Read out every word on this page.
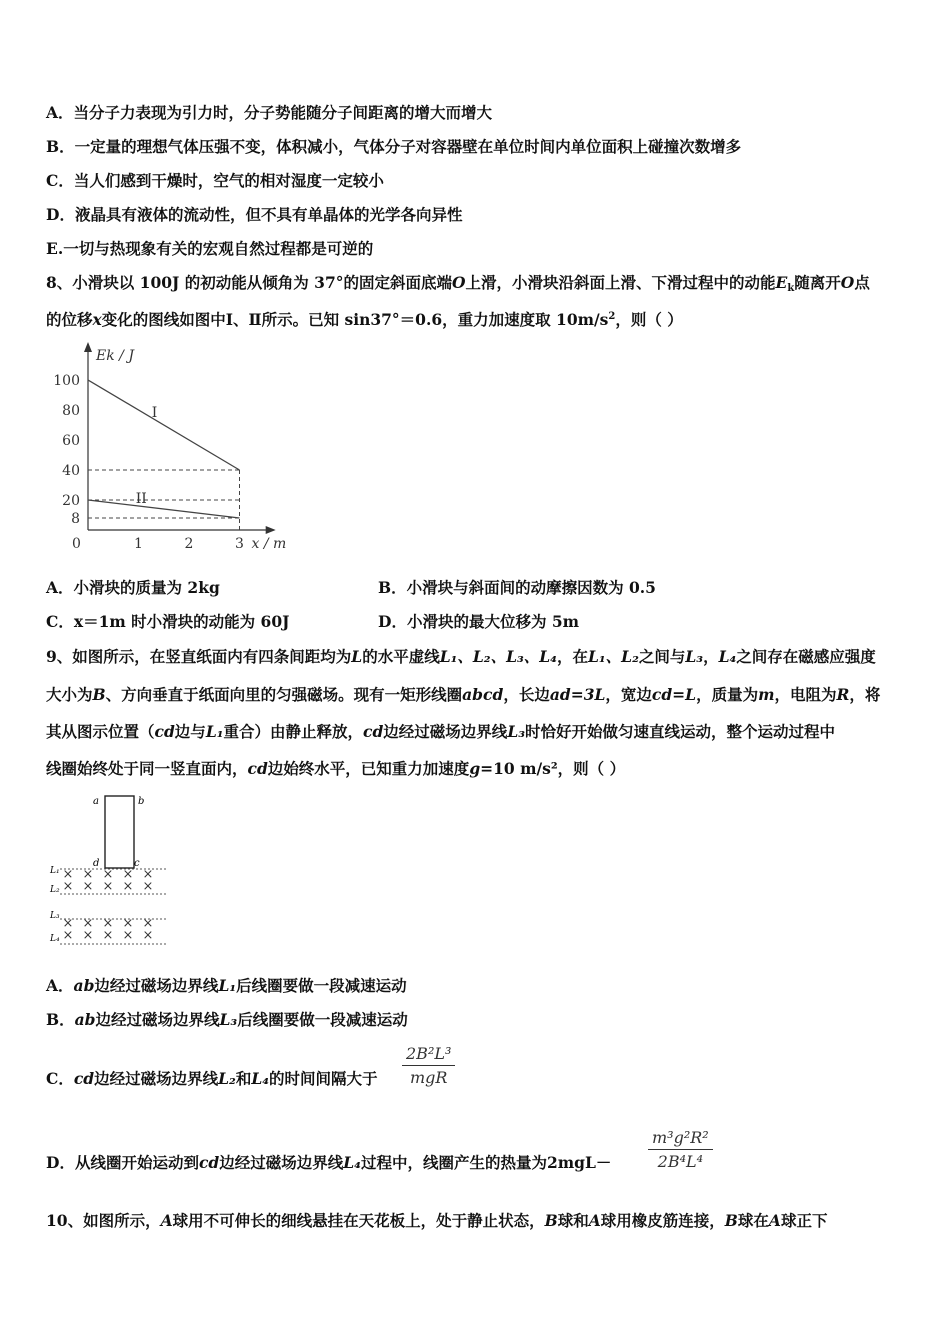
A．当分子力表现为引力时，分子势能随分子间距离的增大而增大
B．一定量的理想气体压强不变，体积减小，气体分子对容器壁在单位时间内单位面积上碰撞次数增多
C．当人们感到干燥时，空气的相对湿度一定较小
D．液晶具有液体的流动性，但不具有单晶体的光学各向异性
E.一切与热现象有关的宏观自然过程都是可逆的
8、小滑块以 100J 的初动能从倾角为 37°的固定斜面底端O上滑，小滑块沿斜面上滑、下滑过程中的动能$E_k$随离开O点
的位移x变化的图线如图中Ⅰ、Ⅱ所示。已知 sin37°＝0.6，重力加速度取 $10m/s^2$，则（ ）
Ek / J
x / m
0
100
80
60
40
20
8
1	2	3
I
II
A．小滑块的质量为 2kg	B．小滑块与斜面间的动摩擦因数为 0.5
C．x＝1m 时小滑块的动能为 60J	D．小滑块的最大位移为 5m
9、如图所示，在竖直纸面内有四条间距均为L的水平虚线L₁、L₂、L₃、L₄，在L₁、L₂之间与L₃，L₄之间存在磁感应强度
大小为B、方向垂直于纸面向里的匀强磁场。现有一矩形线圈abcd，长边ad=3L，宽边cd=L，质量为m，电阻为R，将
其从图示位置（cd边与L₁重合）由静止释放，cd边经过磁场边界线L₃时恰好开始做匀速直线运动，整个运动过程中
线圈始终处于同一竖直面内，cd边始终水平，已知重力加速度g=10 m/s²，则（ ）
a	b
d	c
L₁
L₂
L₃
L₄
× × × × ×
× × × × ×
× × × × ×
× × × × ×
A．ab边经过磁场边界线L₁后线圈要做一段减速运动
B．ab边经过磁场边界线L₃后线圈要做一段减速运动
C．cd边经过磁场边界线L₂和L₄的时间间隔大于
2B²L³
mgR
D．从线圈开始运动到cd边经过磁场边界线L₄过程中，线圈产生的热量为$2mgL- \frac{\text{m³g²R²}}{\text{2B⁴L⁴}}$
10、如图所示，A球用不可伸长的细线悬挂在天花板上，处于静止状态，B球和A球用橡皮筋连接，B球在A球正下
